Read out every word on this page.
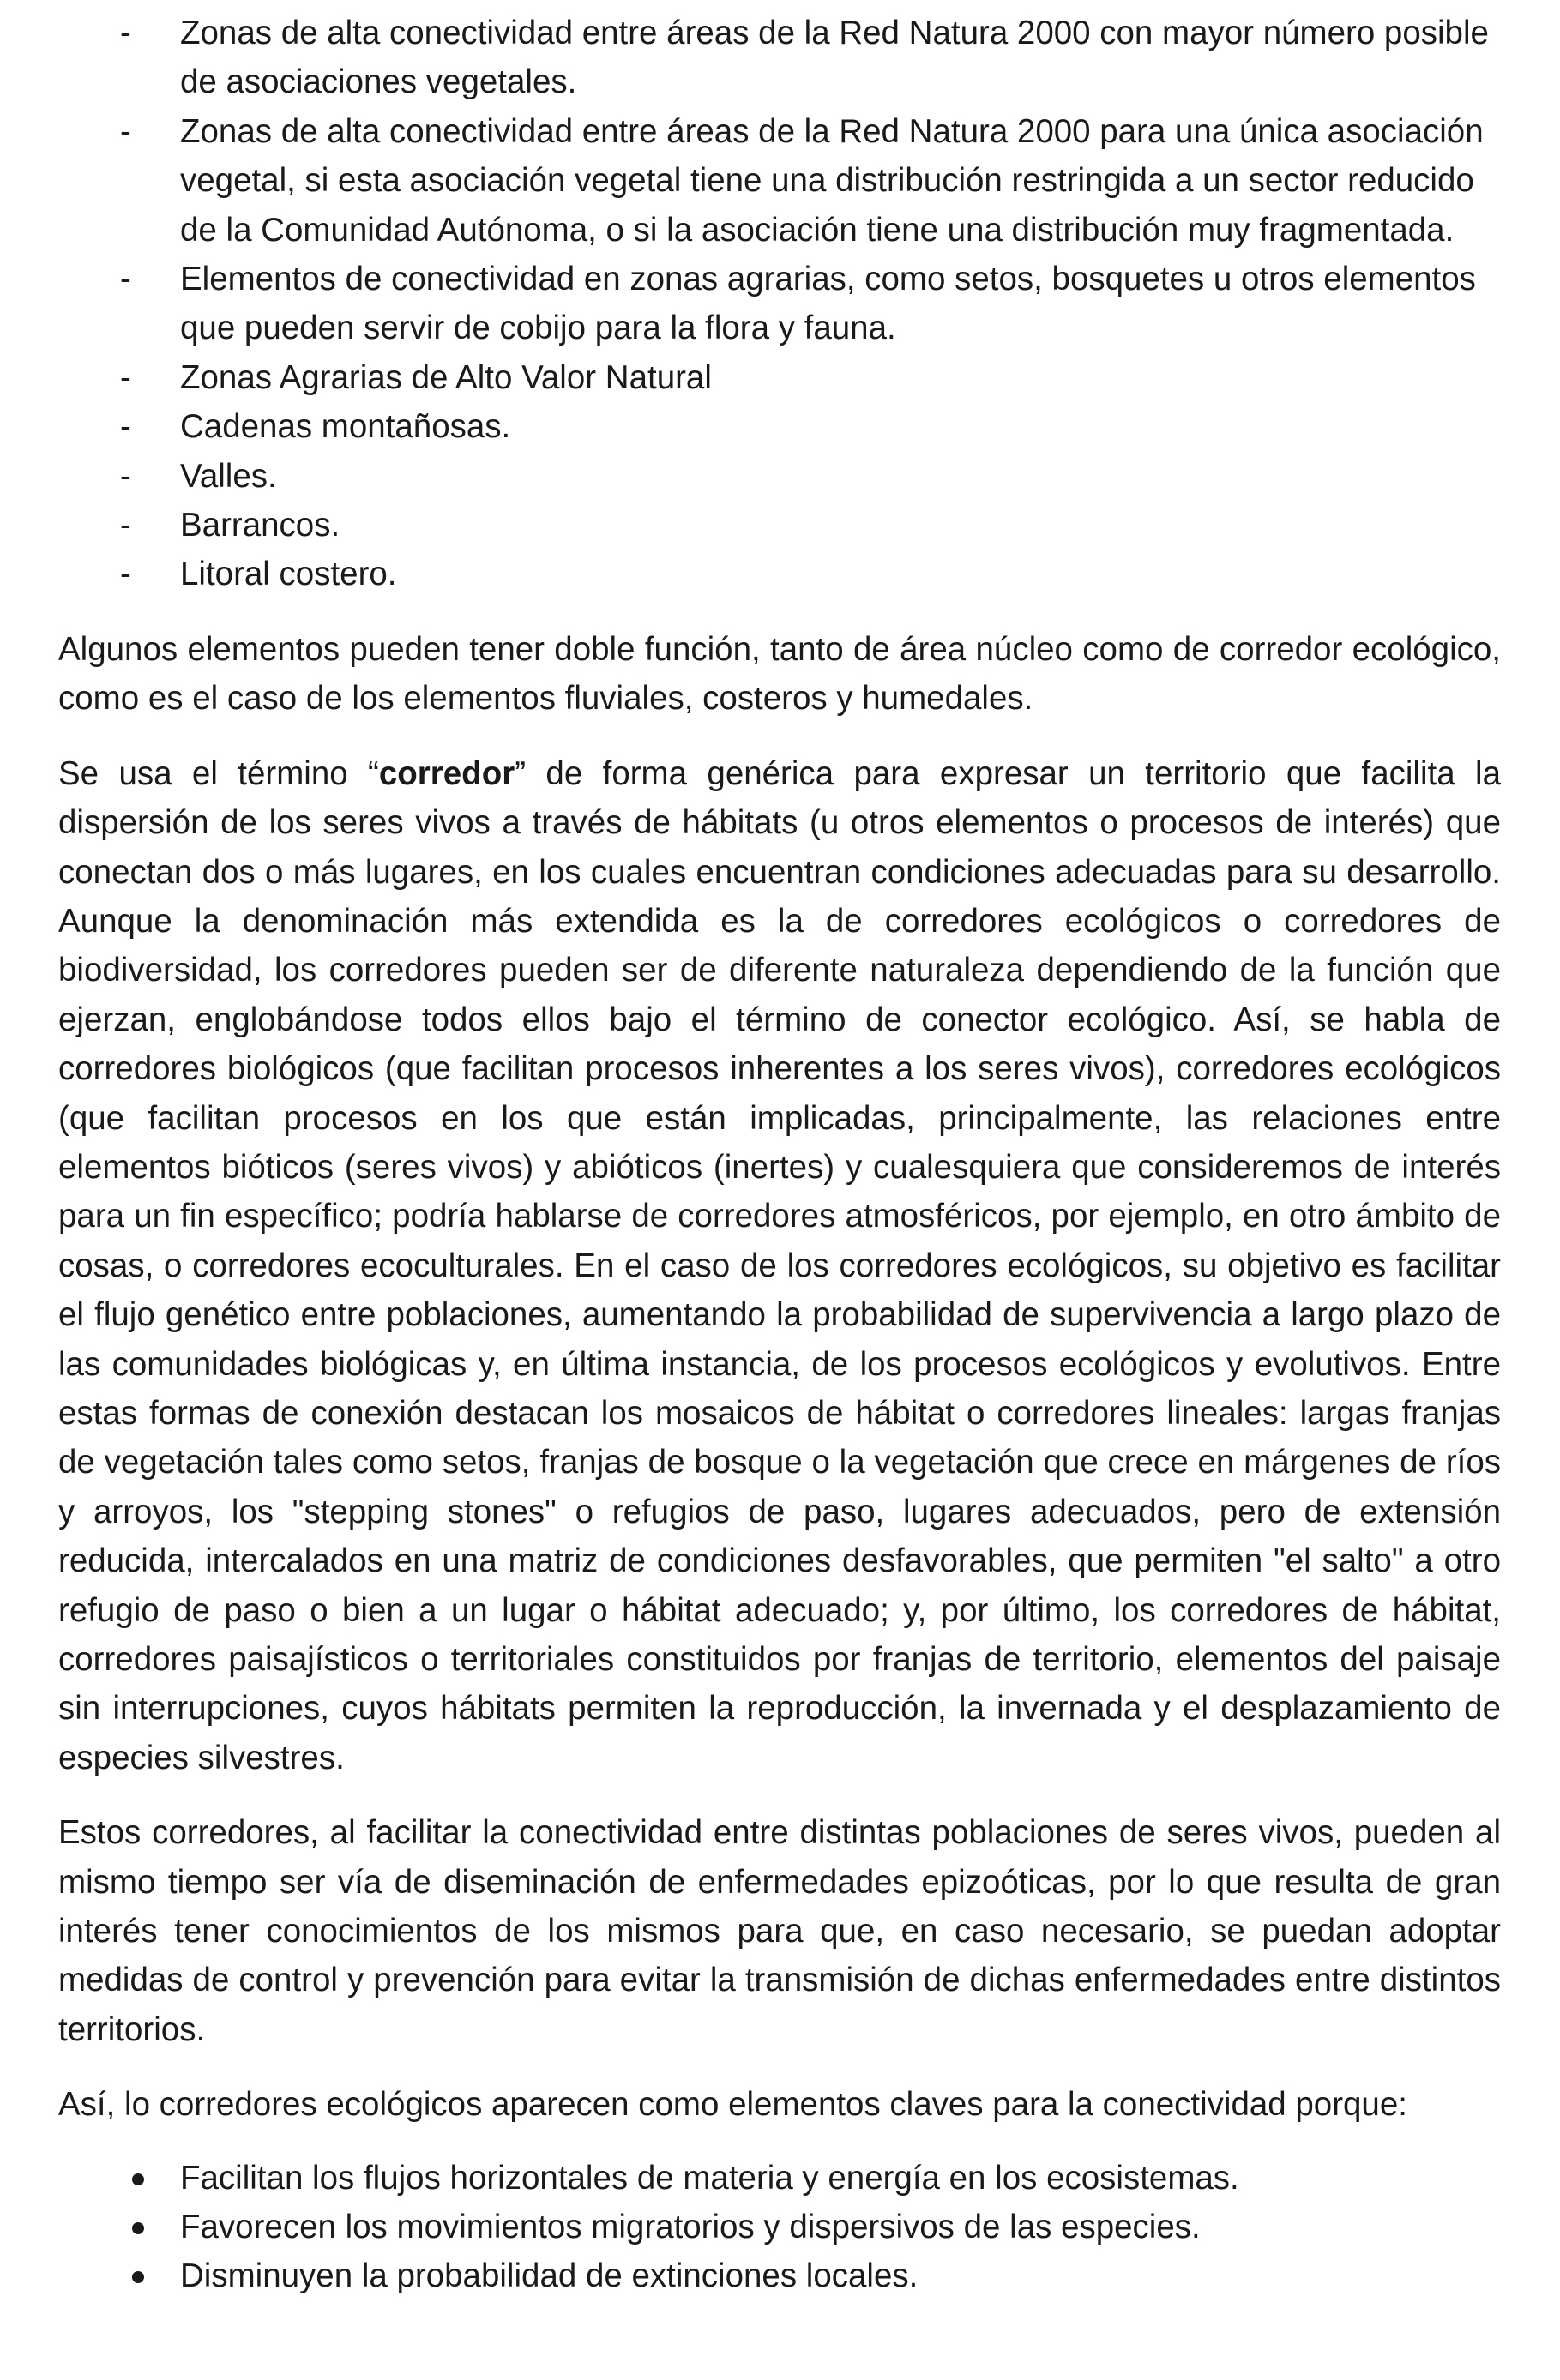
- Zonas de alta conectividad entre áreas de la Red Natura 2000 con mayor número posible de asociaciones vegetales.
- Zonas de alta conectividad entre áreas de la Red Natura 2000 para una única asociación vegetal, si esta asociación vegetal tiene una distribución restringida a un sector reducido de la Comunidad Autónoma, o si la asociación tiene una distribución muy fragmentada.
- Elementos de conectividad en zonas agrarias, como setos, bosquetes u otros elementos que pueden servir de cobijo para la flora y fauna.
- Zonas Agrarias de Alto Valor Natural
- Cadenas montañosas.
- Valles.
- Barrancos.
- Litoral costero.

Algunos elementos pueden tener doble función, tanto de área núcleo como de corredor ecológico, como es el caso de los elementos fluviales, costeros y humedales.

Se usa el término “corredor” de forma genérica para expresar un territorio que facilita la dispersión de los seres vivos a través de hábitats (u otros elementos o procesos de interés) que conectan dos o más lugares, en los cuales encuentran condiciones adecuadas para su desarrollo. Aunque la denominación más extendida es la de corredores ecológicos o corredores de biodiversidad, los corredores pueden ser de diferente naturaleza dependiendo de la función que ejerzan, englobándose todos ellos bajo el término de conector ecológico. Así, se habla de corredores biológicos (que facilitan procesos inherentes a los seres vivos), corredores ecológicos (que facilitan procesos en los que están implicadas, principalmente, las relaciones entre elementos bióticos (seres vivos) y abióticos (inertes) y cualesquiera que consideremos de interés para un fin específico; podría hablarse de corredores atmosféricos, por ejemplo, en otro ámbito de cosas, o corredores ecoculturales. En el caso de los corredores ecológicos, su objetivo es facilitar el flujo genético entre poblaciones, aumentando la probabilidad de supervivencia a largo plazo de las comunidades biológicas y, en última instancia, de los procesos ecológicos y evolutivos. Entre estas formas de conexión destacan los mosaicos de hábitat o corredores lineales: largas franjas de vegetación tales como setos, franjas de bosque o la vegetación que crece en márgenes de ríos y arroyos, los "stepping stones" o refugios de paso, lugares adecuados, pero de extensión reducida, intercalados en una matriz de condiciones desfavorables, que permiten "el salto" a otro refugio de paso o bien a un lugar o hábitat adecuado; y, por último, los corredores de hábitat, corredores paisajísticos o territoriales constituidos por franjas de territorio, elementos del paisaje sin interrupciones, cuyos hábitats permiten la reproducción, la invernada y el desplazamiento de especies silvestres.

Estos corredores, al facilitar la conectividad entre distintas poblaciones de seres vivos, pueden al mismo tiempo ser vía de diseminación de enfermedades epizoóticas, por lo que resulta de gran interés tener conocimientos de los mismos para que, en caso necesario, se puedan adoptar medidas de control y prevención para evitar la transmisión de dichas enfermedades entre distintos territorios.

Así, lo corredores ecológicos aparecen como elementos claves para la conectividad porque:

Facilitan los flujos horizontales de materia y energía en los ecosistemas.
Favorecen los movimientos migratorios y dispersivos de las especies.
Disminuyen la probabilidad de extinciones locales.
